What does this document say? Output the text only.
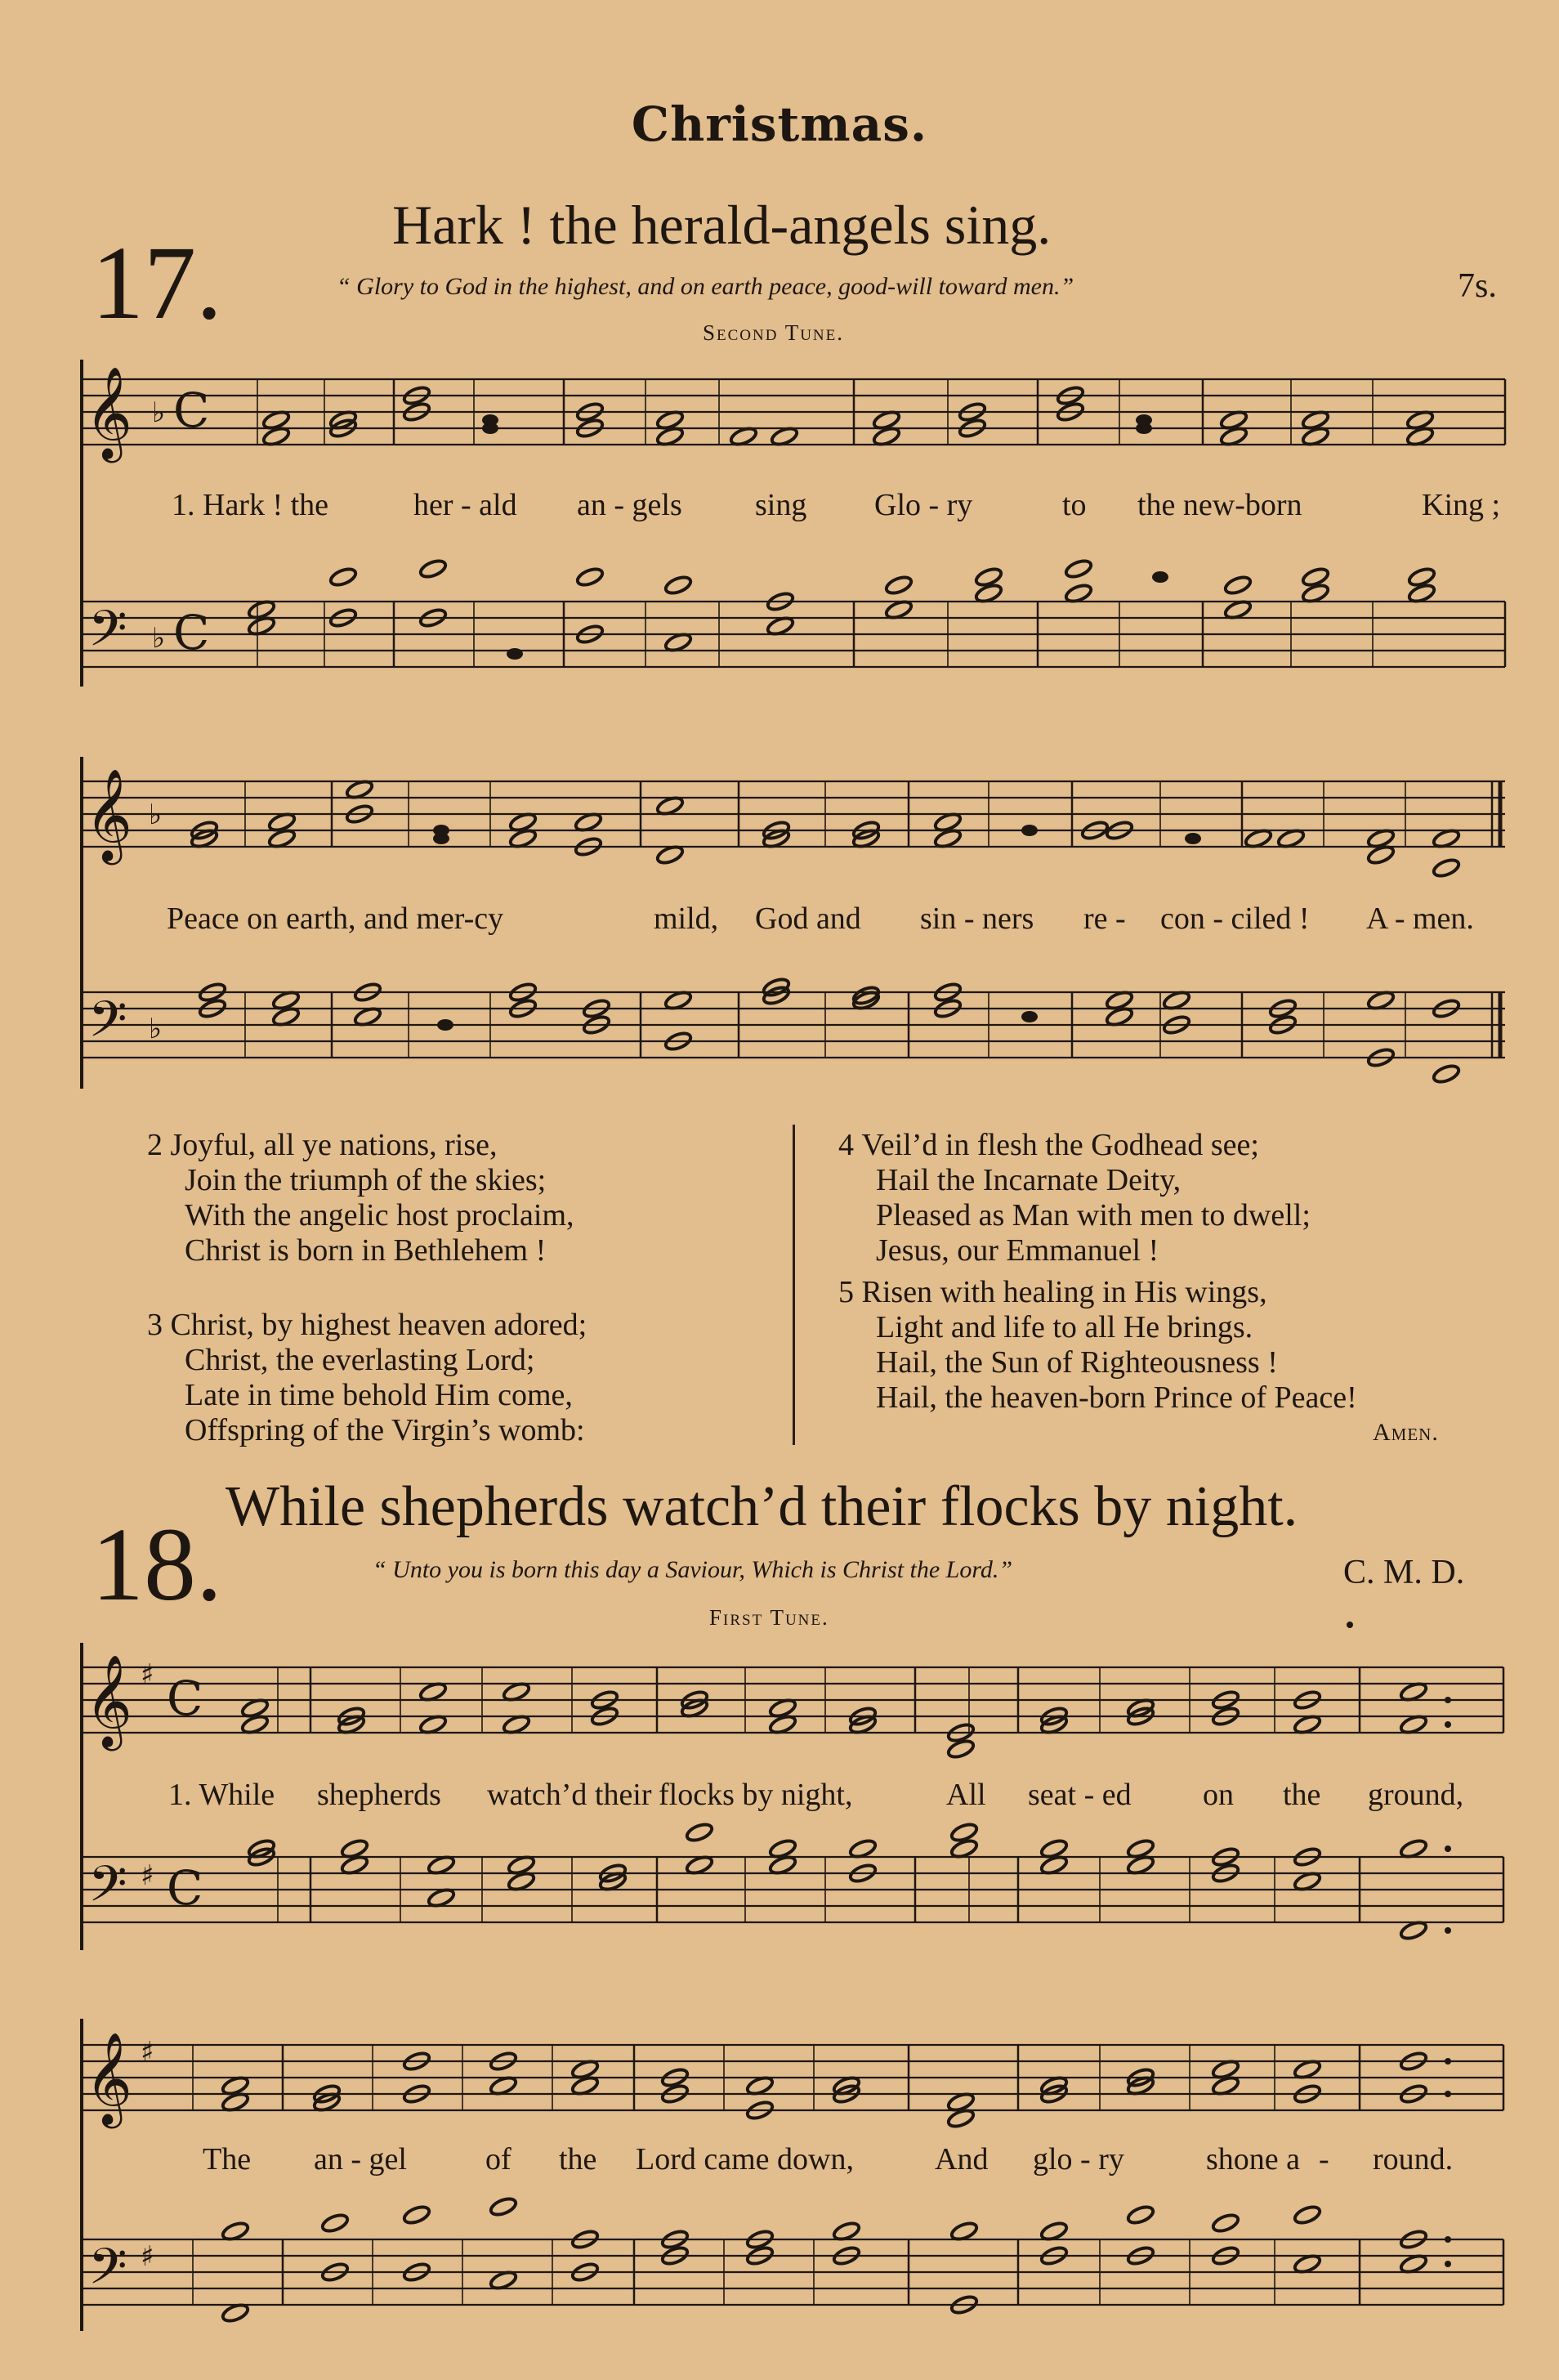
Christmas.
17.	Hark ! the herald-angels sing.
“ Glory to God in the highest, and on earth peace, good-will toward men.”	7s.
Second Tune.
𝄞
𝄢
♭
♭
C
C
1. Hark ! the	her - ald an - gels sing Glo - ry	to the new-born	King ;
𝄞
𝄢
♭
♭
Peace on earth, and mer-cy	mild, God and sin - ners re - con - ciled ! A - men.
2 Joyful, all ye nations, rise,
Join the triumph of the skies;
With the angelic host proclaim,
Christ is born in Bethlehem !
3 Christ, by highest heaven adored;
Christ, the everlasting Lord;
Late in time behold Him come,
Offspring of the Virgin’s womb:
4 Veil’d in flesh the Godhead see;
Hail the Incarnate Deity,
Pleased as Man with men to dwell;
Jesus, our Emmanuel !
5 Risen with healing in His wings,
Light and life to all He brings.
Hail, the Sun of Righteousness !
Hail, the heaven-born Prince of Peace!
Amen.
18. While shepherds watch’d their flocks by night.
“ Unto you is born this day a Saviour, Which is Christ the Lord.”	C. M. D.
First Tune.
𝄞
𝄢
♯
♯
C
C
1. While shepherds watch’d their flocks by night,	All seat - ed on the ground,
𝄞
𝄢
♯
♯
The an - gel	of the Lord came down,	And glo - ry	shone a - round.
